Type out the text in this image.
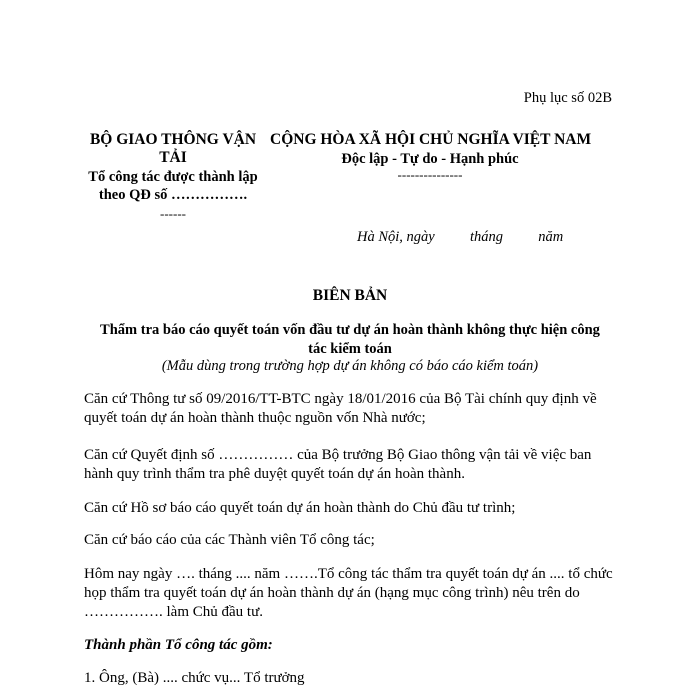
Phụ lục số 02B
BỘ GIAO THÔNG VẬN TẢI
Tổ công tác được thành lập theo QĐ số …………….
------
CỘNG HÒA XÃ HỘI CHỦ NGHĨA VIỆT NAM
Độc lập - Tự do - Hạnh phúc
---------------
Hà Nội, ngày tháng năm
BIÊN BẢN
Thẩm tra báo cáo quyết toán vốn đầu tư dự án hoàn thành không thực hiện công tác kiểm toán
(Mẫu dùng trong trường hợp dự án không có báo cáo kiểm toán)
Căn cứ Thông tư số 09/2016/TT-BTC ngày 18/01/2016 của Bộ Tài chính quy định về quyết toán dự án hoàn thành thuộc nguồn vốn Nhà nước;
Căn cứ Quyết định số …………… của Bộ trưởng Bộ Giao thông vận tải về việc ban hành quy trình thẩm tra phê duyệt quyết toán dự án hoàn thành.
Căn cứ Hồ sơ báo cáo quyết toán dự án hoàn thành do Chủ đầu tư trình;
Căn cứ báo cáo của các Thành viên Tổ công tác;
Hôm nay ngày …. tháng .... năm …….Tổ công tác thẩm tra quyết toán dự án .... tổ chức họp thẩm tra quyết toán dự án hoàn thành dự án (hạng mục công trình) nêu trên do ……………. làm Chủ đầu tư.
Thành phần Tổ công tác gồm:
1. Ông, (Bà) .... chức vụ... Tổ trưởng
